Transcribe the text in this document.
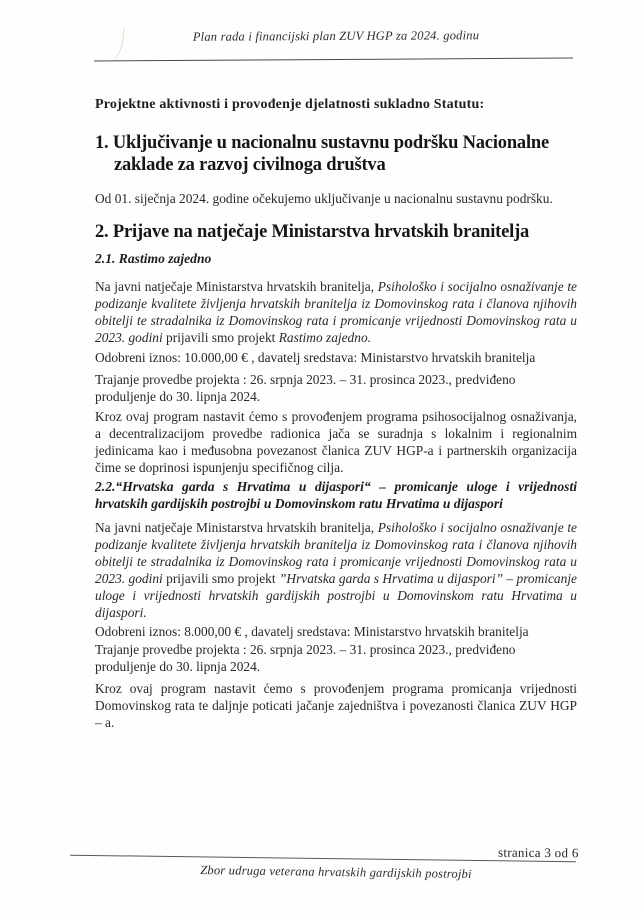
Plan rada i financijski plan ZUV HGP za 2024. godinu

Projektne aktivnosti i provođenje djelatnosti sukladno Statutu:

1. Uključivanje u nacionalnu sustavnu podršku Nacionalne zaklade za razvoj civilnoga društva

Od 01. siječnja 2024. godine očekujemo uključivanje u nacionalnu sustavnu podršku.

2. Prijave na natječaje Ministarstva hrvatskih branitelja
2.1. Rastimo zajedno

Na javni natječaje Ministarstva hrvatskih branitelja, Psihološko i socijalno osnaživanje te podizanje kvalitete življenja hrvatskih branitelja iz Domovinskog rata i članova njihovih obitelji te stradalnika iz Domovinskog rata i promicanje vrijednosti Domovinskog rata u 2023. godini prijavili smo projekt Rastimo zajedno.

Odobreni iznos: 10.000,00 € , davatelj sredstava: Ministarstvo hrvatskih branitelja

Trajanje provedbe projekta : 26. srpnja 2023. – 31. prosinca 2023., predviđeno produljenje do 30. lipnja 2024.

Kroz ovaj program nastavit ćemo s provođenjem programa psihosocijalnog osnaživanja, a decentralizacijom provedbe radionica jača se suradnja s lokalnim i regionalnim jedinicama kao i međusobna povezanost članica ZUV HGP-a i partnerskih organizacija čime se doprinosi ispunjenju specifičnog cilja.

2.2.“Hrvatska garda s Hrvatima u dijaspori“ – promicanje uloge i vrijednosti hrvatskih gardijskih postrojbi u Domovinskom ratu Hrvatima u dijaspori

Na javni natječaje Ministarstva hrvatskih branitelja, Psihološko i socijalno osnaživanje te podizanje kvalitete življenja hrvatskih branitelja iz Domovinskog rata i članova njihovih obitelji te stradalnika iz Domovinskog rata i promicanje vrijednosti Domovinskog rata u 2023. godini prijavili smo projekt ”Hrvatska garda s Hrvatima u dijaspori” – promicanje uloge i vrijednosti hrvatskih gardijskih postrojbi u Domovinskom ratu Hrvatima u dijaspori.

Odobreni iznos: 8.000,00 € , davatelj sredstava: Ministarstvo hrvatskih branitelja

Trajanje provedbe projekta : 26. srpnja 2023. – 31. prosinca 2023., predviđeno produljenje do 30. lipnja 2024.

Kroz ovaj program nastavit ćemo s provođenjem programa promicanja vrijednosti Domovinskog rata te daljnje poticati jačanje zajedništva i povezanosti članica ZUV HGP – a.

stranica 3 od 6
Zbor udruga veterana hrvatskih gardijskih postrojbi
